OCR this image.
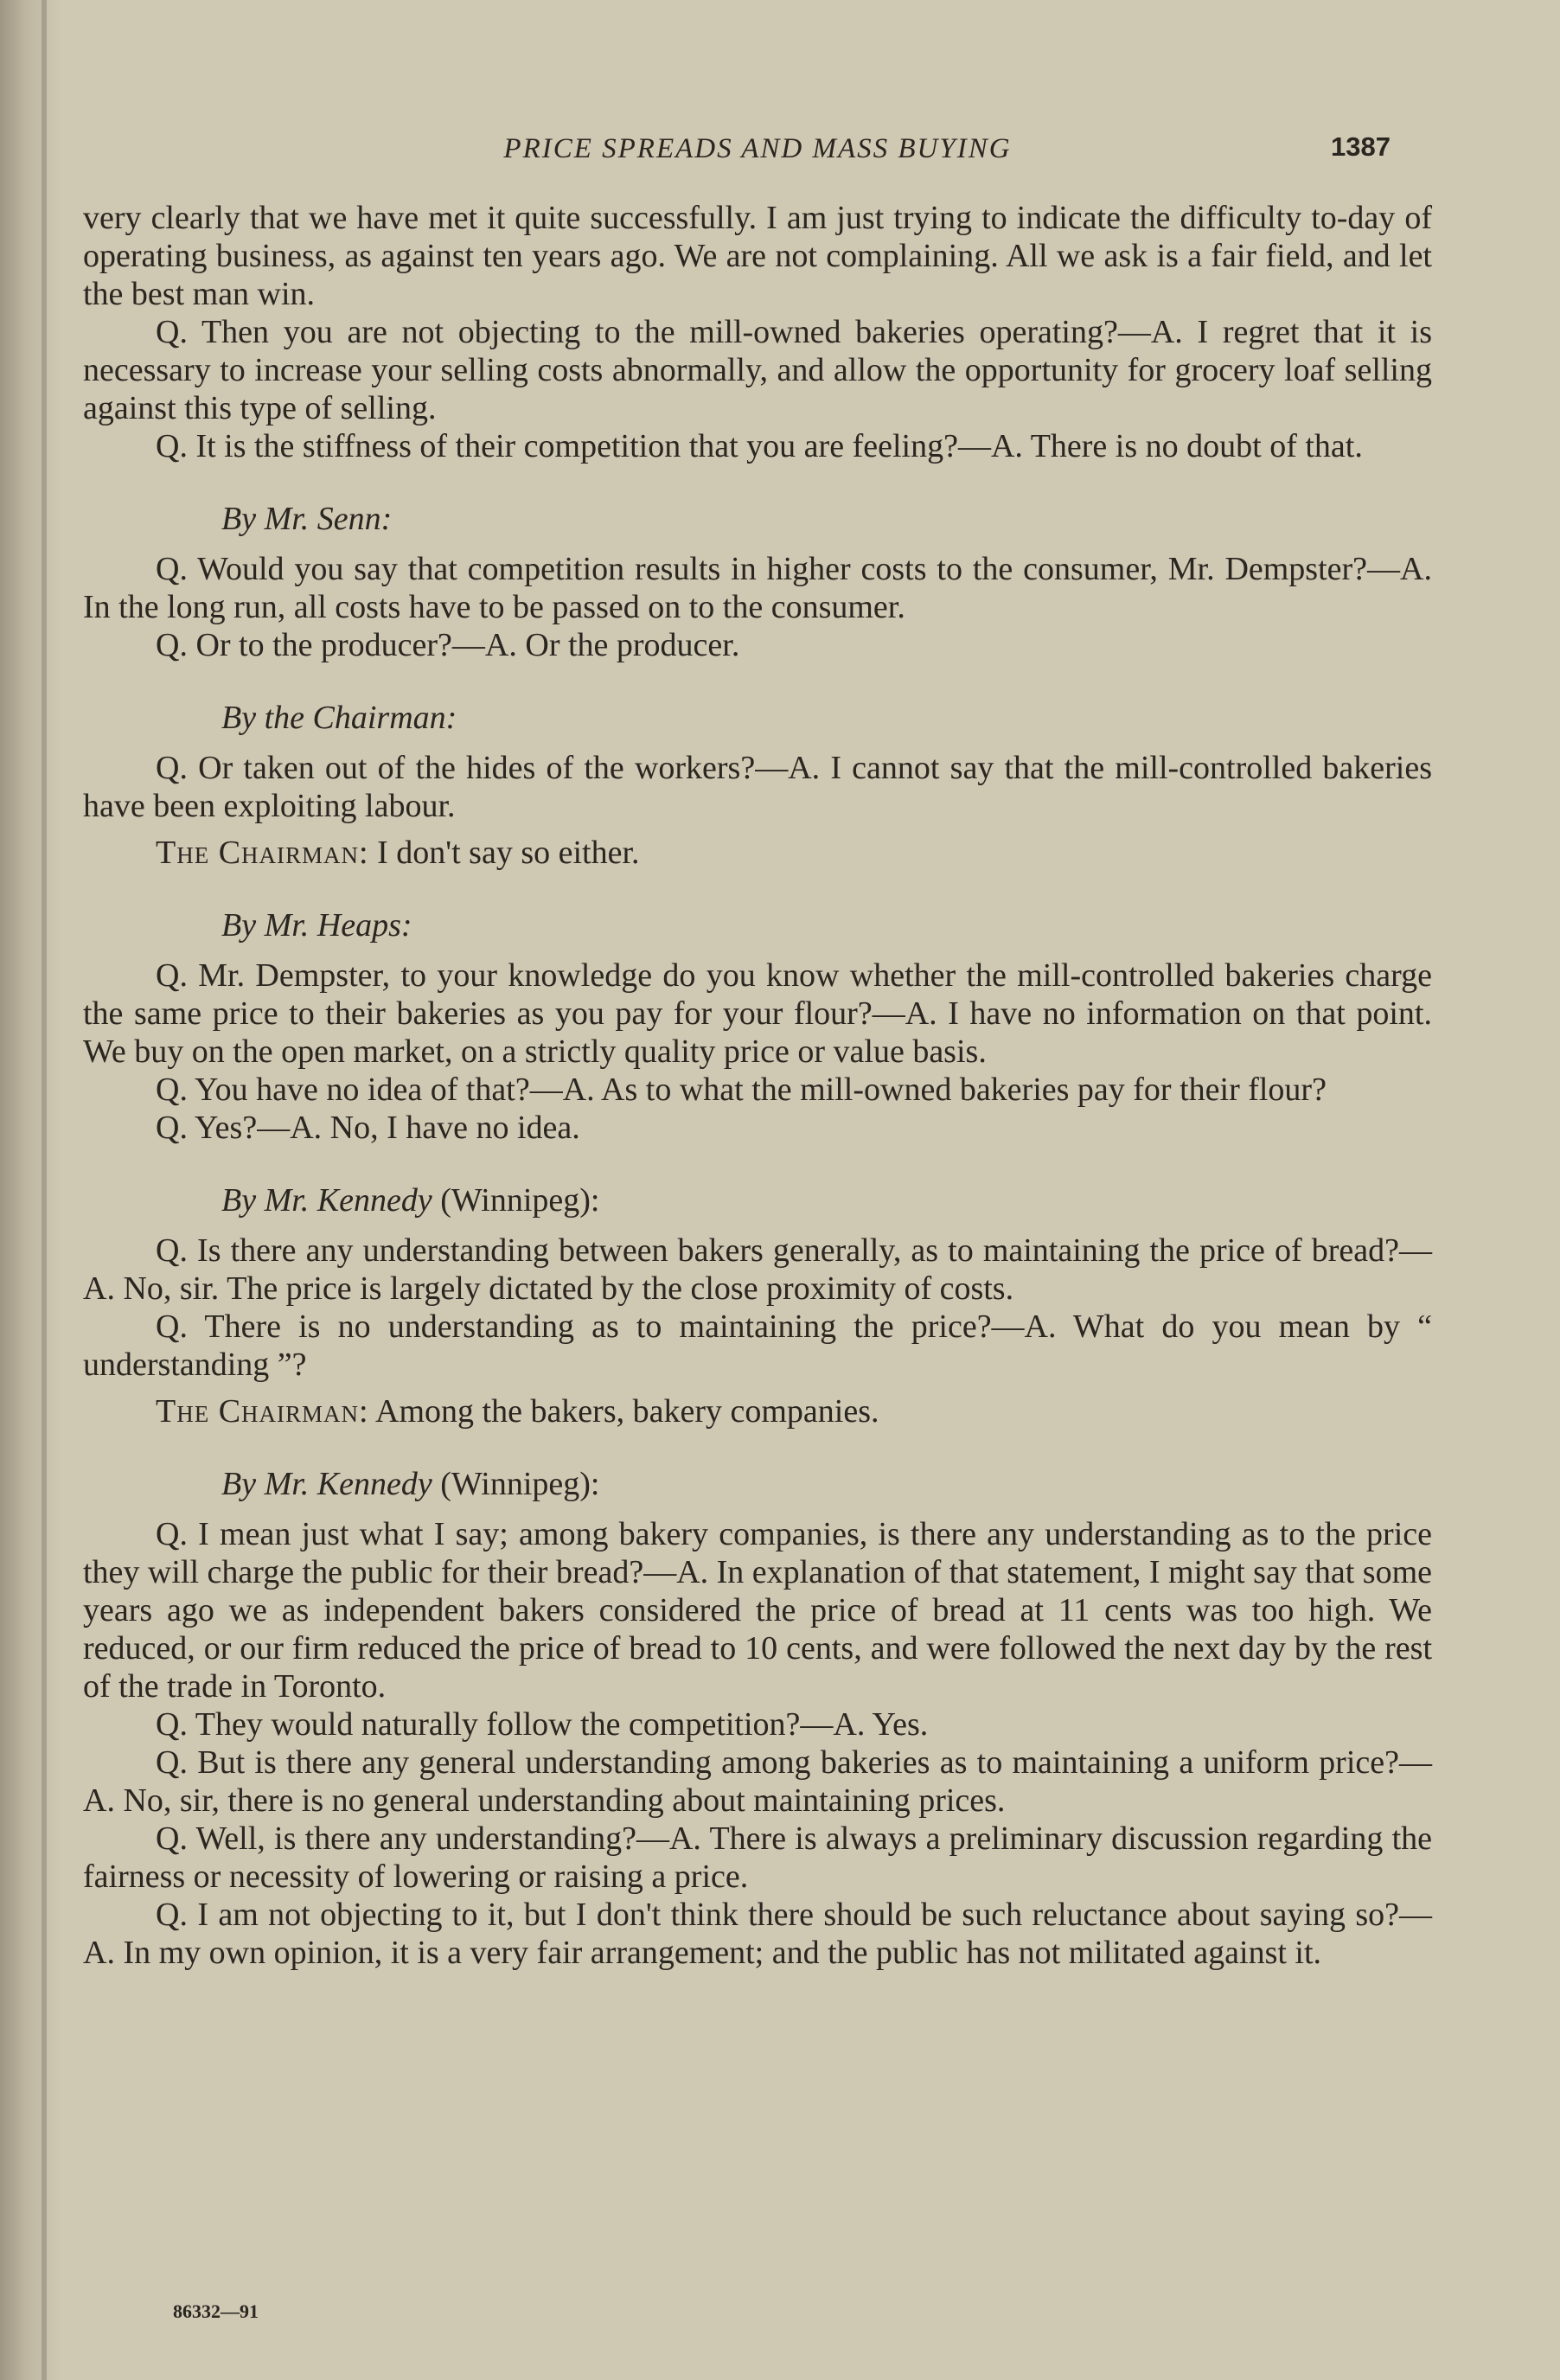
PRICE SPREADS AND MASS BUYING	1387

very clearly that we have met it quite successfully. I am just trying to indicate the difficulty to-day of operating business, as against ten years ago. We are not complaining. All we ask is a fair field, and let the best man win.

Q. Then you are not objecting to the mill-owned bakeries operating?—A. I regret that it is necessary to increase your selling costs abnormally, and allow the opportunity for grocery loaf selling against this type of selling.

Q. It is the stiffness of their competition that you are feeling?—A. There is no doubt of that.

By Mr. Senn:

Q. Would you say that competition results in higher costs to the consumer, Mr. Dempster?—A. In the long run, all costs have to be passed on to the consumer.

Q. Or to the producer?—A. Or the producer.

By the Chairman:

Q. Or taken out of the hides of the workers?—A. I cannot say that the mill-controlled bakeries have been exploiting labour.

The Chairman: I don't say so either.

By Mr. Heaps:

Q. Mr. Dempster, to your knowledge do you know whether the mill-controlled bakeries charge the same price to their bakeries as you pay for your flour?—A. I have no information on that point. We buy on the open market, on a strictly quality price or value basis.

Q. You have no idea of that?—A. As to what the mill-owned bakeries pay for their flour?

Q. Yes?—A. No, I have no idea.

By Mr. Kennedy (Winnipeg):

Q. Is there any understanding between bakers generally, as to maintaining the price of bread?—A. No, sir. The price is largely dictated by the close proximity of costs.

Q. There is no understanding as to maintaining the price?—A. What do you mean by “ understanding ”?

The Chairman: Among the bakers, bakery companies.

By Mr. Kennedy (Winnipeg):

Q. I mean just what I say; among bakery companies, is there any understanding as to the price they will charge the public for their bread?—A. In explanation of that statement, I might say that some years ago we as independent bakers considered the price of bread at 11 cents was too high. We reduced, or our firm reduced the price of bread to 10 cents, and were followed the next day by the rest of the trade in Toronto.

Q. They would naturally follow the competition?—A. Yes.

Q. But is there any general understanding among bakeries as to maintaining a uniform price?—A. No, sir, there is no general understanding about maintaining prices.

Q. Well, is there any understanding?—A. There is always a preliminary discussion regarding the fairness or necessity of lowering or raising a price.

Q. I am not objecting to it, but I don't think there should be such reluctance about saying so?—A. In my own opinion, it is a very fair arrangement; and the public has not militated against it.

86332—91
